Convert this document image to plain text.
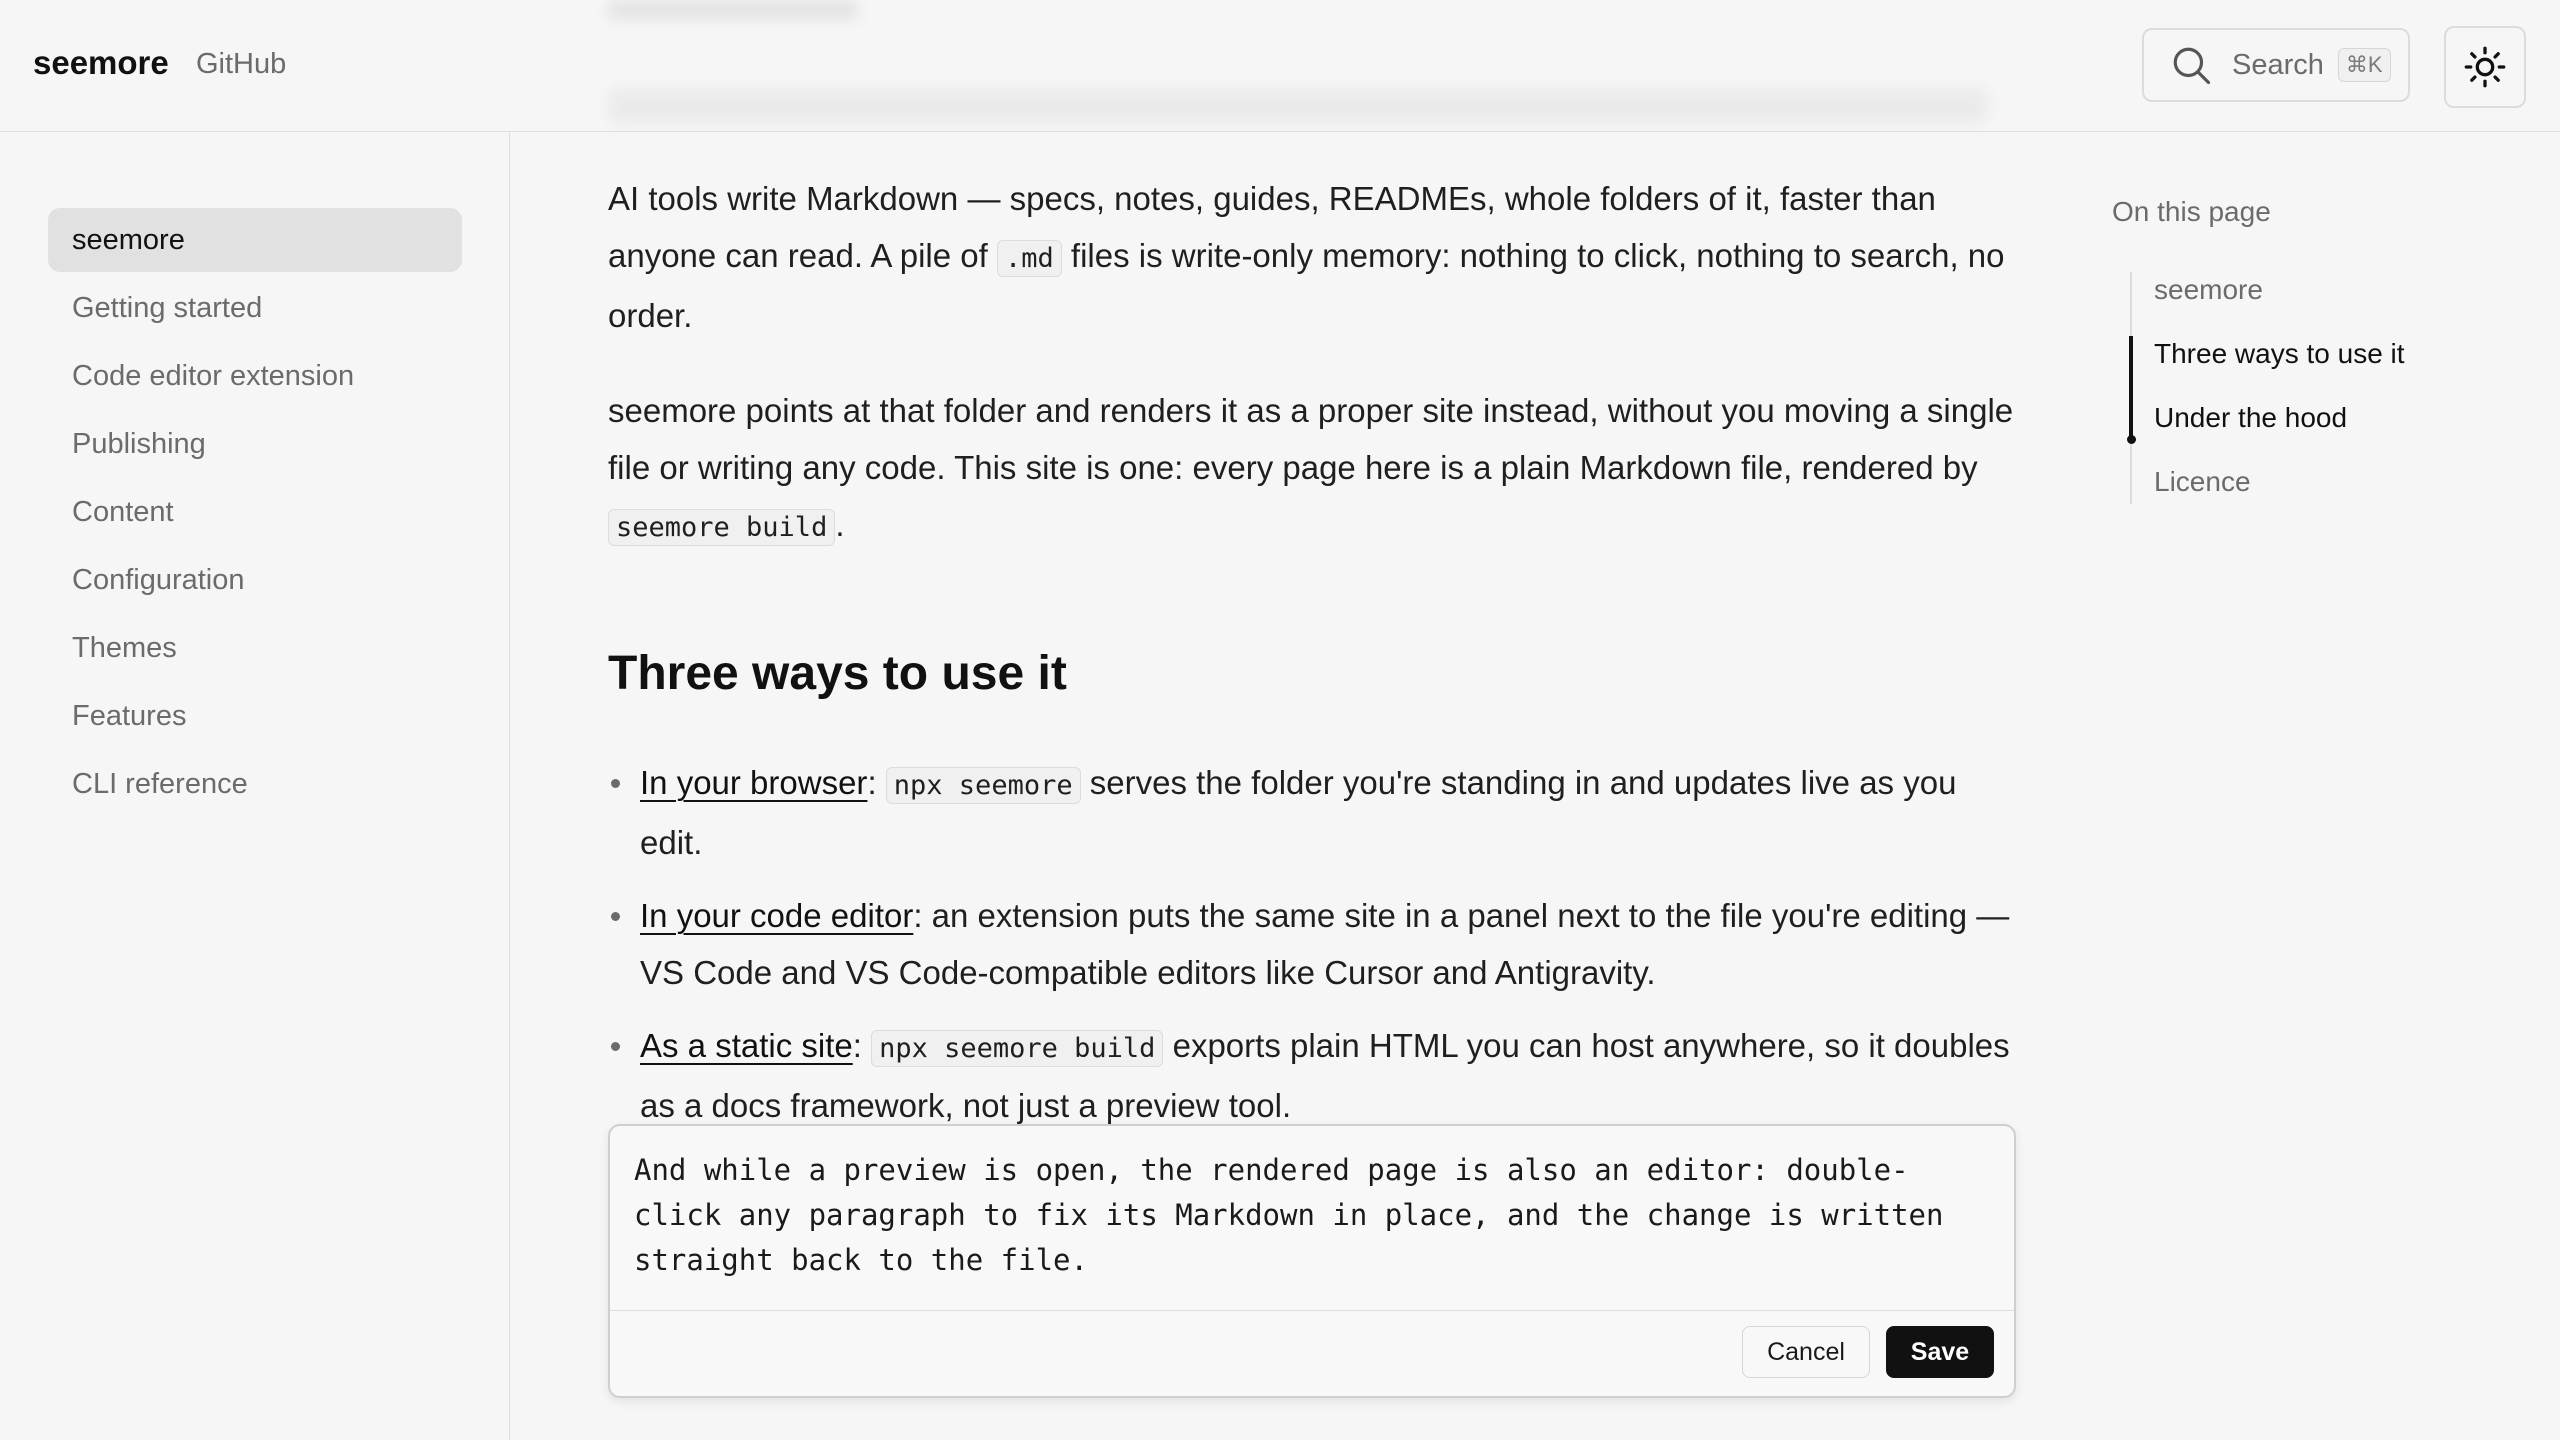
seemore GitHub	Search	⌘K
seemore
Getting started
Code editor extension
Publishing
Content
Configuration
Themes
Features
CLI reference

AI tools write Markdown — specs, notes, guides, READMEs, whole folders of it, faster than anyone can read. A pile of .md files is write-only memory: nothing to click, nothing to search, no order.

seemore points at that folder and renders it as a proper site instead, without you moving a single file or writing any code. This site is one: every page here is a plain Markdown file, rendered by seemore build .

Three ways to use it
In your browser: npx seemore serves the folder you're standing in and updates live as you edit.
In your code editor: an extension puts the same site in a panel next to the file you're editing — VS Code and VS Code-compatible editors like Cursor and Antigravity.
As a static site: npx seemore build exports plain HTML you can host anywhere, so it doubles as a docs framework, not just a preview tool.

And while a preview is open, the rendered page is also an editor: double-click any paragraph to fix its Markdown in place, and the change is written straight back to the file.

Cancel	Save
On this page
seemore
Three ways to use it
Under the hood
Licence
